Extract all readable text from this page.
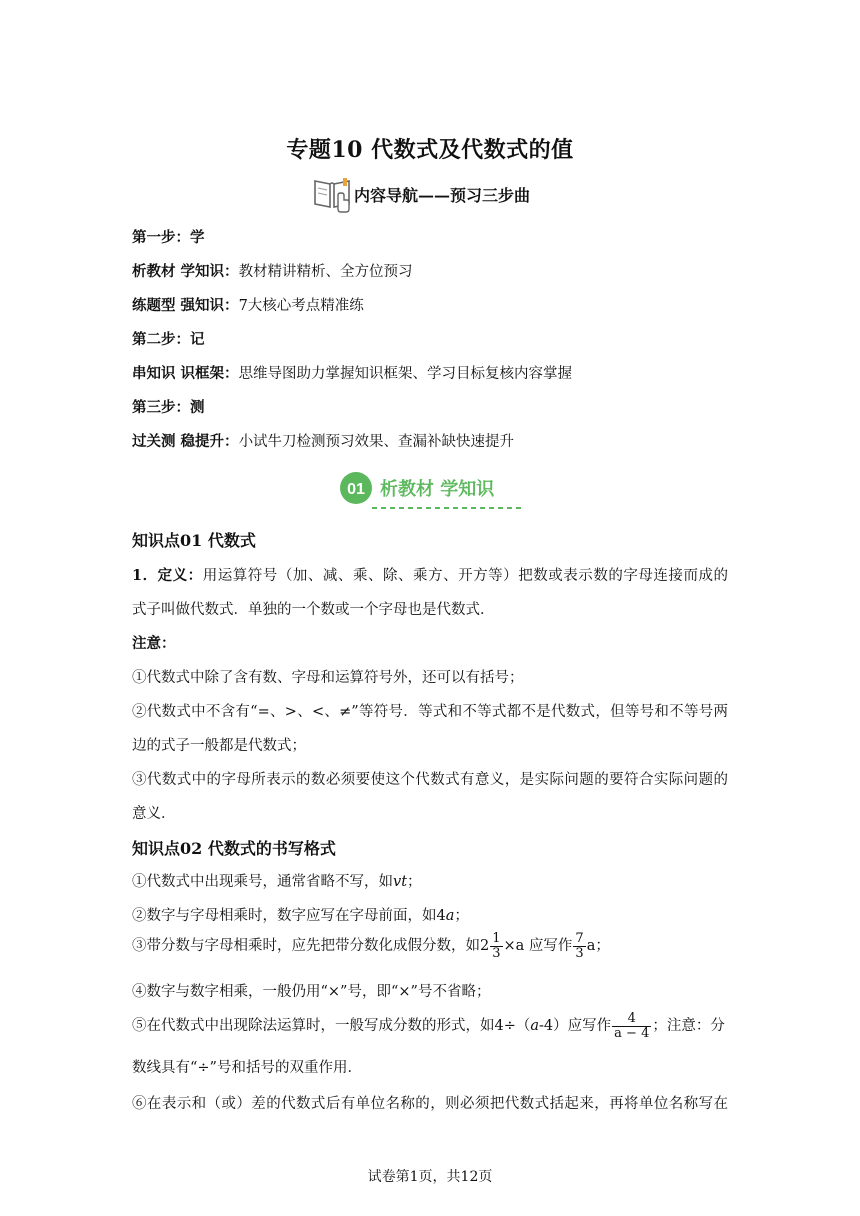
专题10 代数式及代数式的值
内容导航——预习三步曲
第一步：学
析教材 学知识：教材精讲精析、全方位预习
练题型 强知识：7大核心考点精准练
第二步：记
串知识 识框架：思维导图助力掌握知识框架、学习目标复核内容掌握
第三步：测
过关测 稳提升：小试牛刀检测预习效果、查漏补缺快速提升
01 析教材 学知识
知识点01 代数式
1．定义：用运算符号（加、减、乘、除、乘方、开方等）把数或表示数的字母连接而成的
式子叫做代数式．单独的一个数或一个字母也是代数式．
注意：
①代数式中除了含有数、字母和运算符号外，还可以有括号；
②代数式中不含有“=、>、<、≠”等符号．等式和不等式都不是代数式，但等号和不等号两
边的式子一般都是代数式；
③代数式中的字母所表示的数必须要使这个代数式有意义，是实际问题的要符合实际问题的
意义．
知识点02 代数式的书写格式
①代数式中出现乘号，通常省略不写，如vt；
②数字与字母相乘时，数字应写在字母前面，如4a；
③带分数与字母相乘时，应先把带分数化成假分数，如$2 \frac{1}{3} \times a$ 应写作 $\frac{7}{3}$ a；
④数字与数字相乘，一般仍用“×”号，即“×”号不省略；
⑤在代数式中出现除法运算时，一般写成分数的形式，如4÷（a-4）应写作 $\frac{4}{a - 4}$ ；注意：分
数线具有“÷”号和括号的双重作用．
⑥在表示和（或）差的代数式后有单位名称的，则必须把代数式括起来，再将单位名称写在
试卷第1页，共12页
